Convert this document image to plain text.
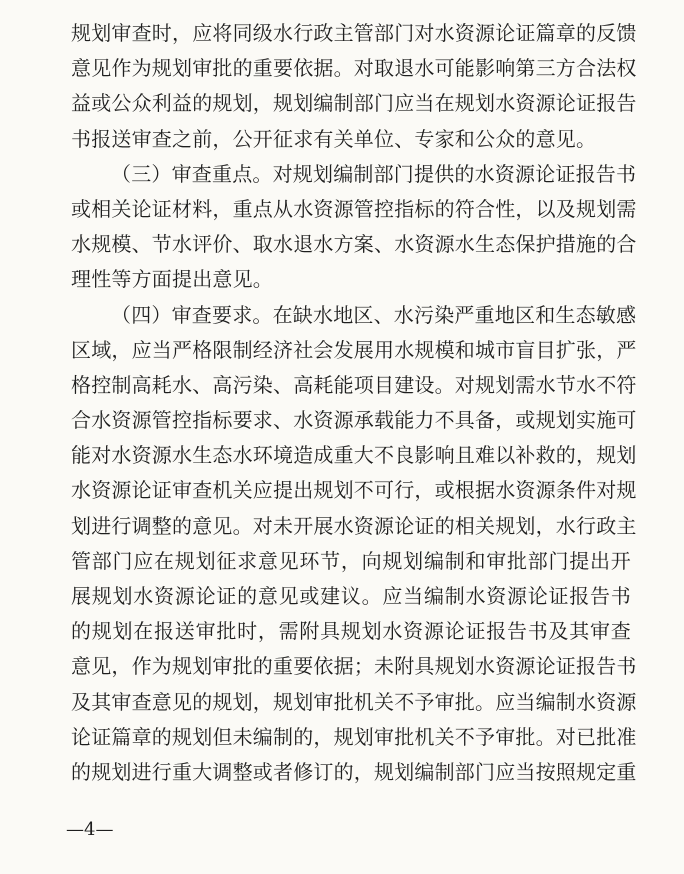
规划审查时，应将同级水行政主管部门对水资源论证篇章的反馈
意见作为规划审批的重要依据。对取退水可能影响第三方合法权
益或公众利益的规划，规划编制部门应当在规划水资源论证报告
书报送审查之前，公开征求有关单位、专家和公众的意见。
（三）审查重点。对规划编制部门提供的水资源论证报告书
或相关论证材料，重点从水资源管控指标的符合性，以及规划需
水规模、节水评价、取水退水方案、水资源水生态保护措施的合
理性等方面提出意见。
（四）审查要求。在缺水地区、水污染严重地区和生态敏感
区域，应当严格限制经济社会发展用水规模和城市盲目扩张，严
格控制高耗水、高污染、高耗能项目建设。对规划需水节水不符
合水资源管控指标要求、水资源承载能力不具备，或规划实施可
能对水资源水生态水环境造成重大不良影响且难以补救的，规划
水资源论证审查机关应提出规划不可行，或根据水资源条件对规
划进行调整的意见。对未开展水资源论证的相关规划，水行政主
管部门应在规划征求意见环节，向规划编制和审批部门提出开
展规划水资源论证的意见或建议。应当编制水资源论证报告书
的规划在报送审批时，需附具规划水资源论证报告书及其审查
意见，作为规划审批的重要依据；未附具规划水资源论证报告书
及其审查意见的规划，规划审批机关不予审批。应当编制水资源
论证篇章的规划但未编制的，规划审批机关不予审批。对已批准
的规划进行重大调整或者修订的，规划编制部门应当按照规定重
—4—
